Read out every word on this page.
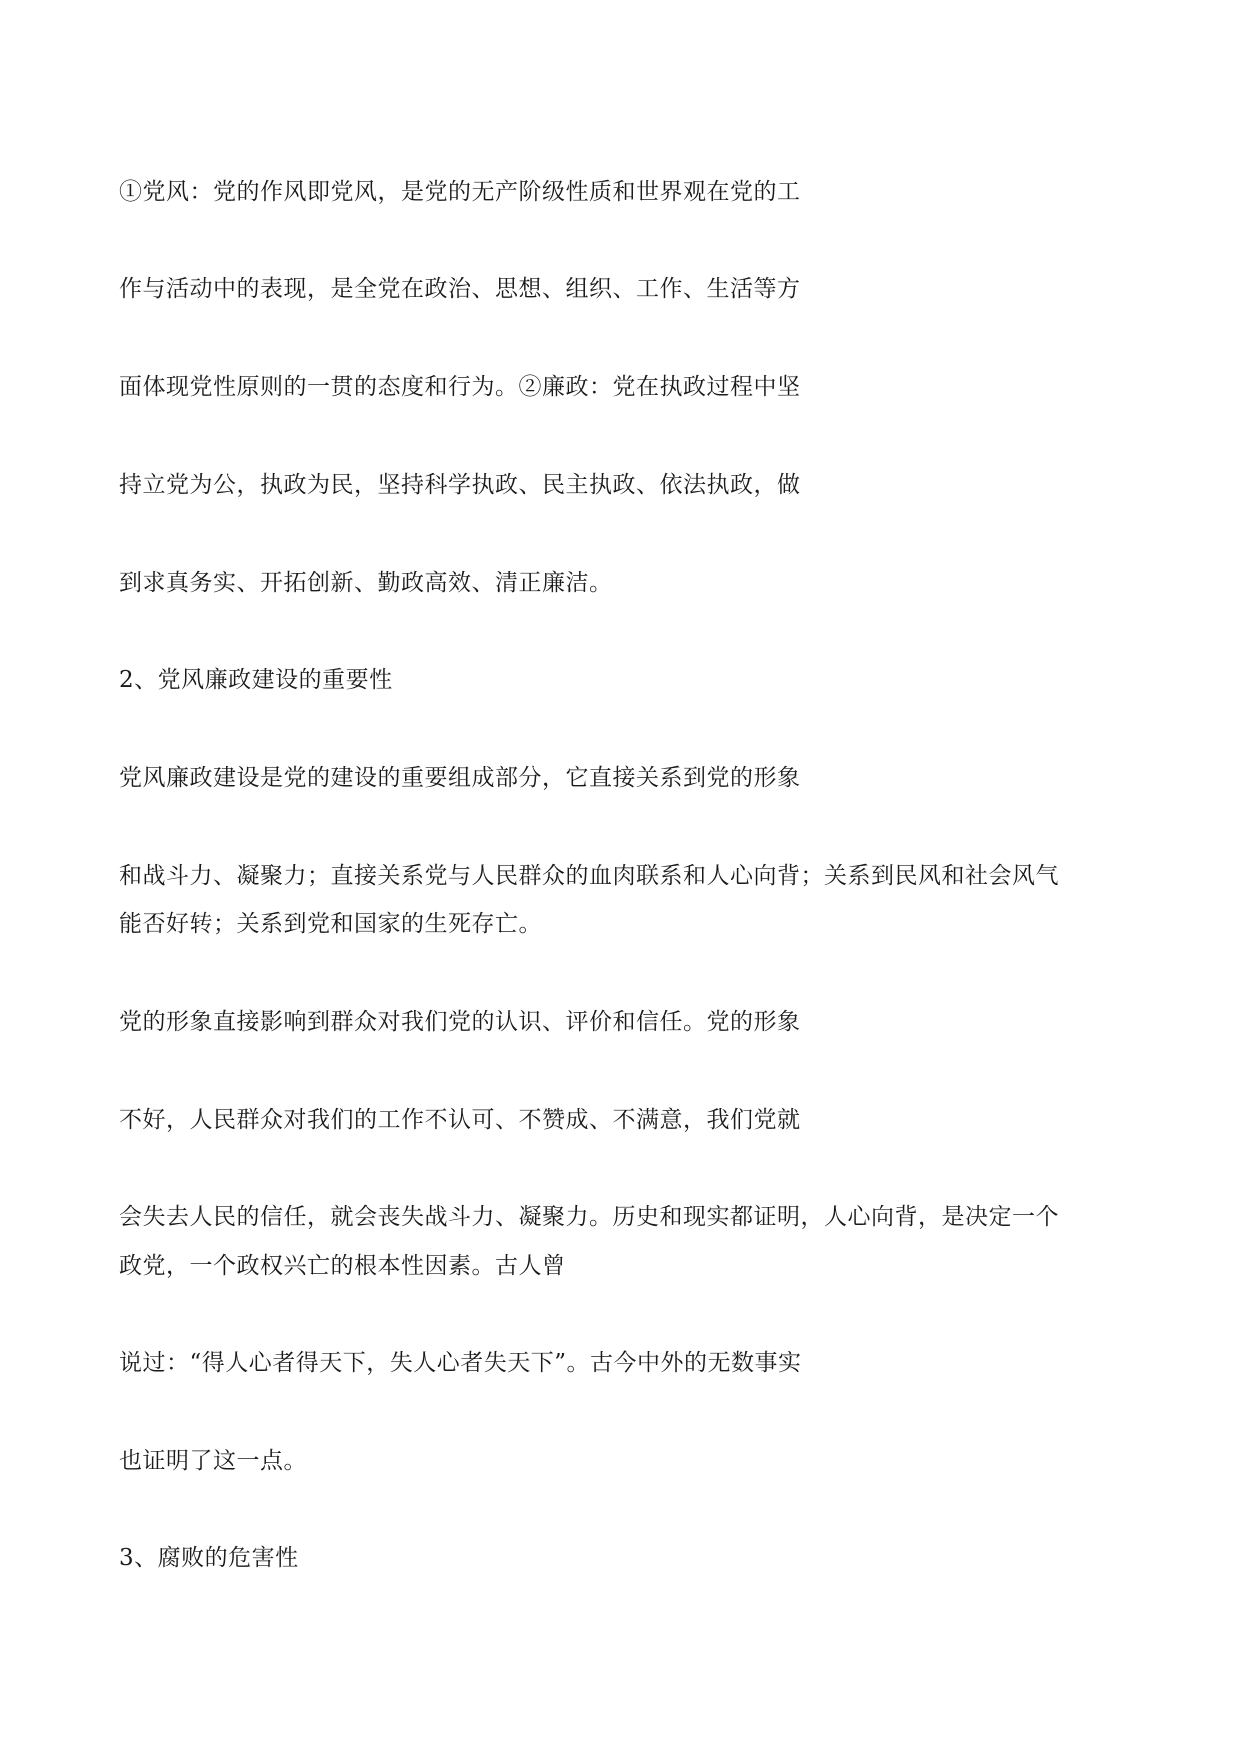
①党风：党的作风即党风，是党的无产阶级性质和世界观在党的工
作与活动中的表现，是全党在政治、思想、组织、工作、生活等方
面体现党性原则的一贯的态度和行为。②廉政：党在执政过程中坚
持立党为公，执政为民，坚持科学执政、民主执政、依法执政，做
到求真务实、开拓创新、勤政高效、清正廉洁。
2、党风廉政建设的重要性
党风廉政建设是党的建设的重要组成部分，它直接关系到党的形象
和战斗力、凝聚力；直接关系党与人民群众的血肉联系和人心向背；关系到民风和社会风气
能否好转；关系到党和国家的生死存亡。
党的形象直接影响到群众对我们党的认识、评价和信任。党的形象
不好，人民群众对我们的工作不认可、不赞成、不满意，我们党就
会失去人民的信任，就会丧失战斗力、凝聚力。历史和现实都证明，人心向背，是决定一个
政党，一个政权兴亡的根本性因素。古人曾
说过：“得人心者得天下，失人心者失天下”。古今中外的无数事实
也证明了这一点。
3、腐败的危害性
